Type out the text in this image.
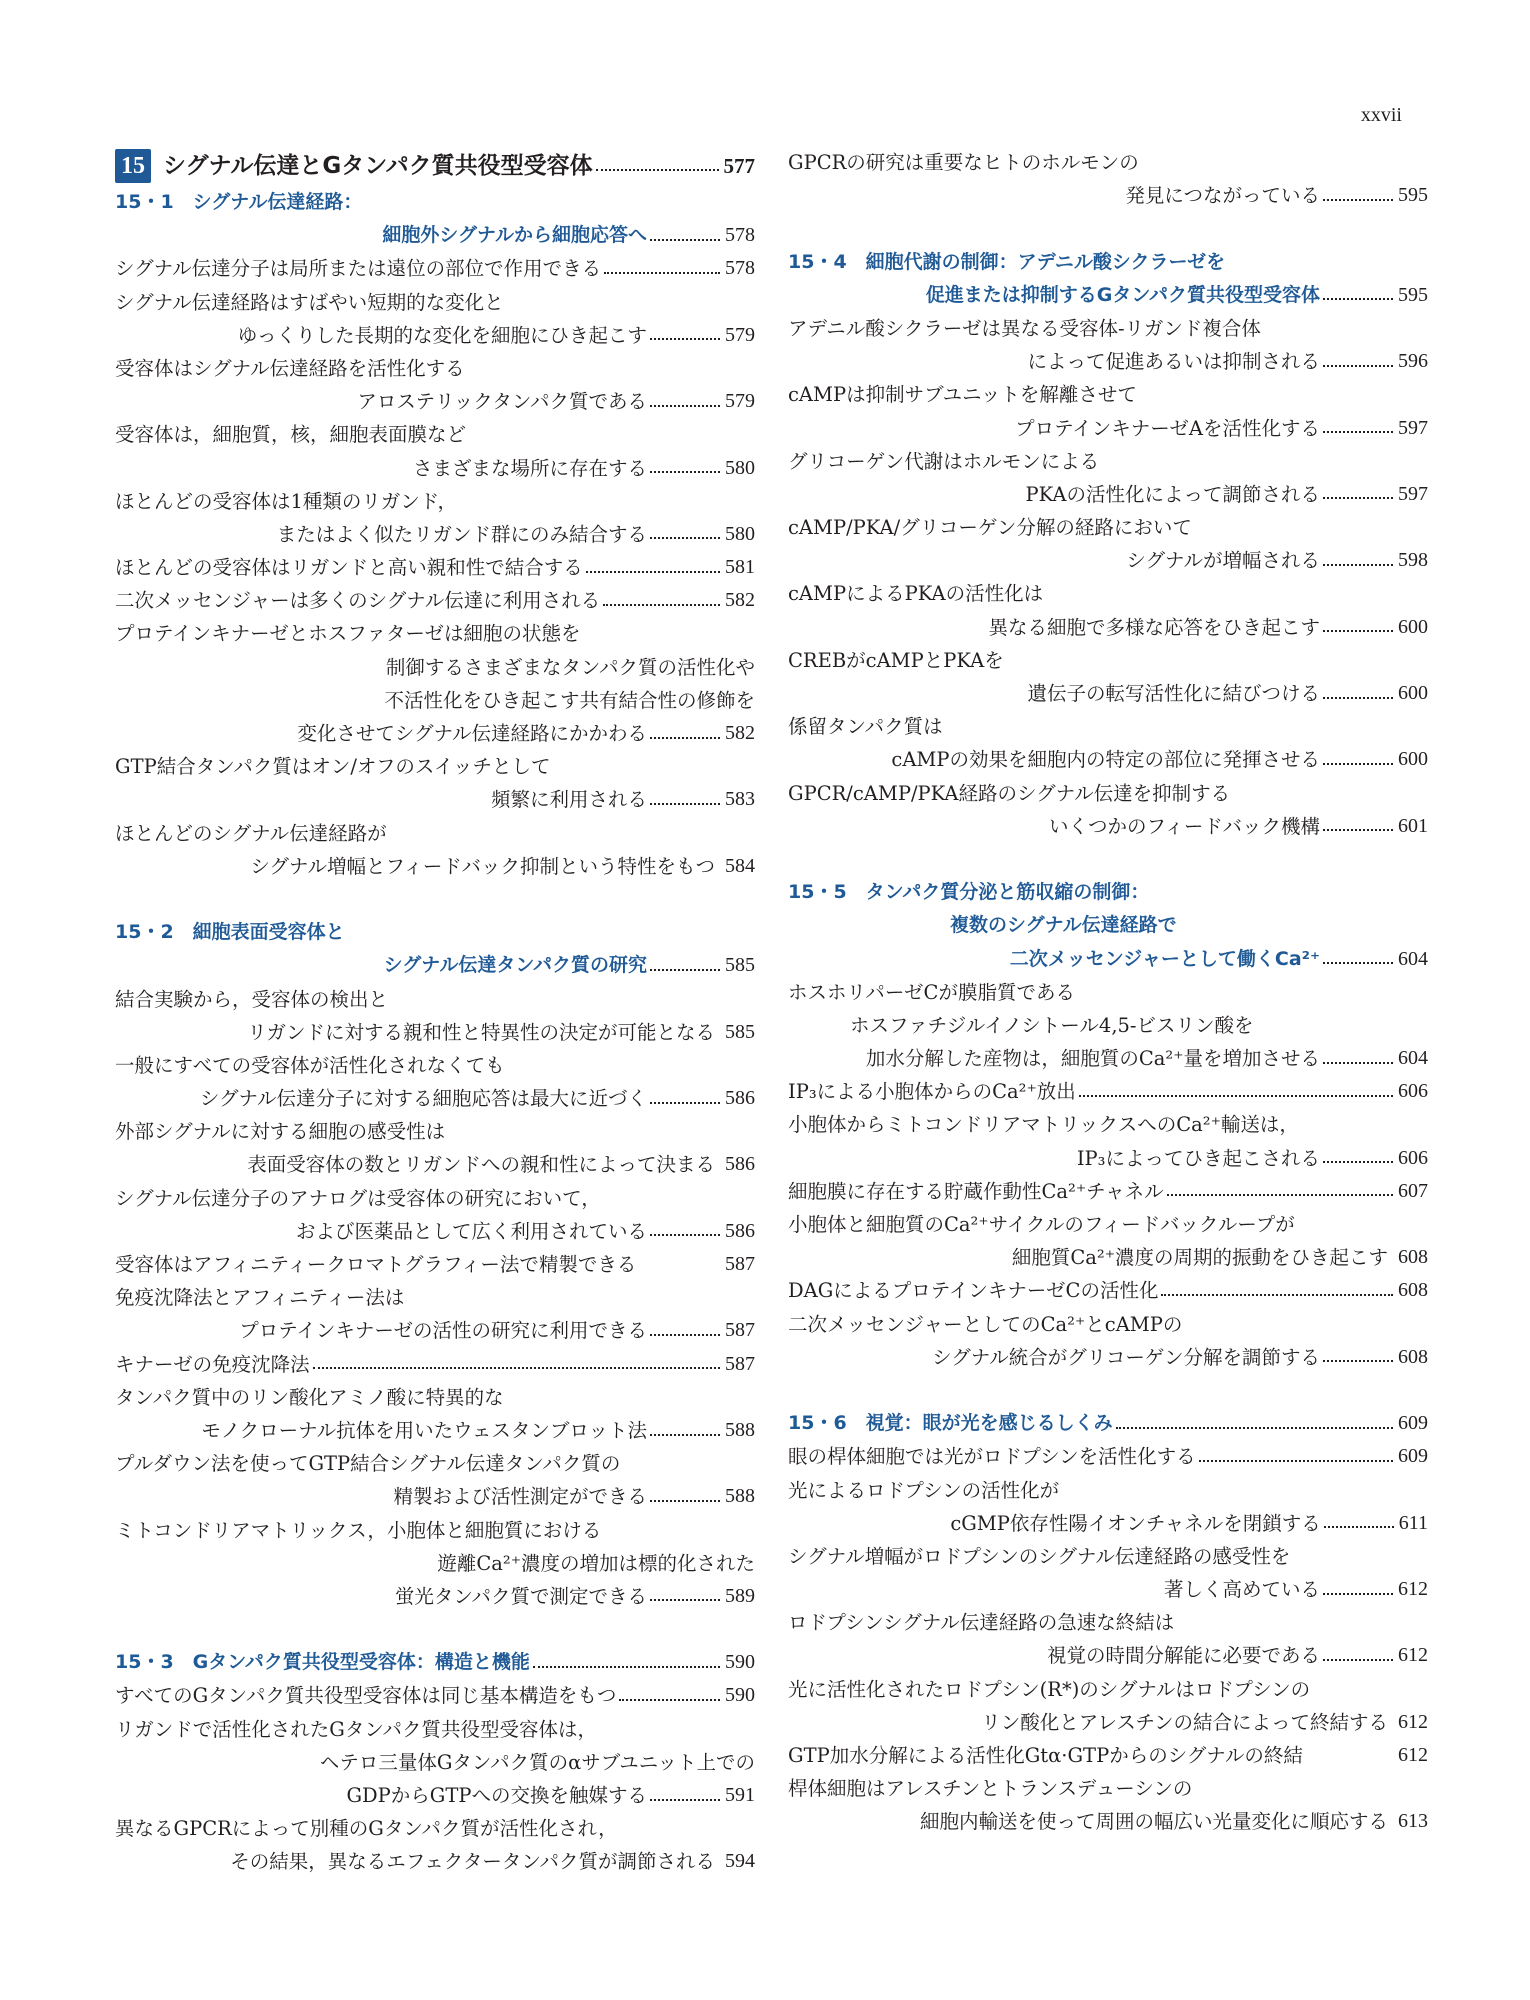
xxvii
15 シグナル伝達とGタンパク質共役型受容体	577
15・1　シグナル伝達経路：
細胞外シグナルから細胞応答へ	578
シグナル伝達分子は局所または遠位の部位で作用できる	578
シグナル伝達経路はすばやい短期的な変化と
ゆっくりした長期的な変化を細胞にひき起こす	579
受容体はシグナル伝達経路を活性化する
アロステリックタンパク質である	579
受容体は，細胞質，核，細胞表面膜など
さまざまな場所に存在する	580
ほとんどの受容体は1種類のリガンド，
またはよく似たリガンド群にのみ結合する	580
ほとんどの受容体はリガンドと高い親和性で結合する	581
二次メッセンジャーは多くのシグナル伝達に利用される	582
プロテインキナーゼとホスファターゼは細胞の状態を
制御するさまざまなタンパク質の活性化や
不活性化をひき起こす共有結合性の修飾を
変化させてシグナル伝達経路にかかわる	582
GTP結合タンパク質はオン/オフのスイッチとして
頻繁に利用される	583
ほとんどのシグナル伝達経路が
シグナル増幅とフィードバック抑制という特性をもつ 584
15・2　細胞表面受容体と
シグナル伝達タンパク質の研究	585
結合実験から，受容体の検出と
リガンドに対する親和性と特異性の決定が可能となる 585
一般にすべての受容体が活性化されなくても
シグナル伝達分子に対する細胞応答は最大に近づく	586
外部シグナルに対する細胞の感受性は
表面受容体の数とリガンドへの親和性によって決まる 586
シグナル伝達分子のアナログは受容体の研究において，
および医薬品として広く利用されている	586
受容体はアフィニティークロマトグラフィー法で精製できる	587
免疫沈降法とアフィニティー法は
プロテインキナーゼの活性の研究に利用できる	587
キナーゼの免疫沈降法	587
タンパク質中のリン酸化アミノ酸に特異的な
モノクローナル抗体を用いたウェスタンブロット法	588
プルダウン法を使ってGTP結合シグナル伝達タンパク質の
精製および活性測定ができる	588
ミトコンドリアマトリックス，小胞体と細胞質における
遊離Ca²⁺濃度の増加は標的化された
蛍光タンパク質で測定できる	589
15・3　Gタンパク質共役型受容体：構造と機能	590
すべてのGタンパク質共役型受容体は同じ基本構造をもつ	590
リガンドで活性化されたGタンパク質共役型受容体は，
ヘテロ三量体Gタンパク質のαサブユニット上での
GDPからGTPへの交換を触媒する	591
異なるGPCRによって別種のGタンパク質が活性化され，
その結果，異なるエフェクタータンパク質が調節される 594
GPCRの研究は重要なヒトのホルモンの
発見につながっている	595
15・4　細胞代謝の制御：アデニル酸シクラーゼを
促進または抑制するGタンパク質共役型受容体	595
アデニル酸シクラーゼは異なる受容体-リガンド複合体
によって促進あるいは抑制される	596
cAMPは抑制サブユニットを解離させて
プロテインキナーゼAを活性化する	597
グリコーゲン代謝はホルモンによる
PKAの活性化によって調節される	597
cAMP/PKA/グリコーゲン分解の経路において
シグナルが増幅される	598
cAMPによるPKAの活性化は
異なる細胞で多様な応答をひき起こす	600
CREBがcAMPとPKAを
遺伝子の転写活性化に結びつける	600
係留タンパク質は
cAMPの効果を細胞内の特定の部位に発揮させる	600
GPCR/cAMP/PKA経路のシグナル伝達を抑制する
いくつかのフィードバック機構	601
15・5　タンパク質分泌と筋収縮の制御：
複数のシグナル伝達経路で
二次メッセンジャーとして働くCa²⁺	604
ホスホリパーゼCが膜脂質である
ホスファチジルイノシトール4,5-ビスリン酸を
加水分解した産物は，細胞質のCa²⁺量を増加させる	604
IP₃による小胞体からのCa²⁺放出	606
小胞体からミトコンドリアマトリックスへのCa²⁺輸送は，
IP₃によってひき起こされる	606
細胞膜に存在する貯蔵作動性Ca²⁺チャネル	607
小胞体と細胞質のCa²⁺サイクルのフィードバックループが
細胞質Ca²⁺濃度の周期的振動をひき起こす 608
DAGによるプロテインキナーゼCの活性化	608
二次メッセンジャーとしてのCa²⁺とcAMPの
シグナル統合がグリコーゲン分解を調節する	608
15・6　視覚：眼が光を感じるしくみ	609
眼の桿体細胞では光がロドプシンを活性化する	609
光によるロドプシンの活性化が
cGMP依存性陽イオンチャネルを閉鎖する	611
シグナル増幅がロドプシンのシグナル伝達経路の感受性を
著しく高めている	612
ロドプシンシグナル伝達経路の急速な終結は
視覚の時間分解能に必要である	612
光に活性化されたロドプシン(R*)のシグナルはロドプシンの
リン酸化とアレスチンの結合によって終結する 612
GTP加水分解による活性化Gtα·GTPからのシグナルの終結	612
桿体細胞はアレスチンとトランスデューシンの
細胞内輸送を使って周囲の幅広い光量変化に順応する 613
